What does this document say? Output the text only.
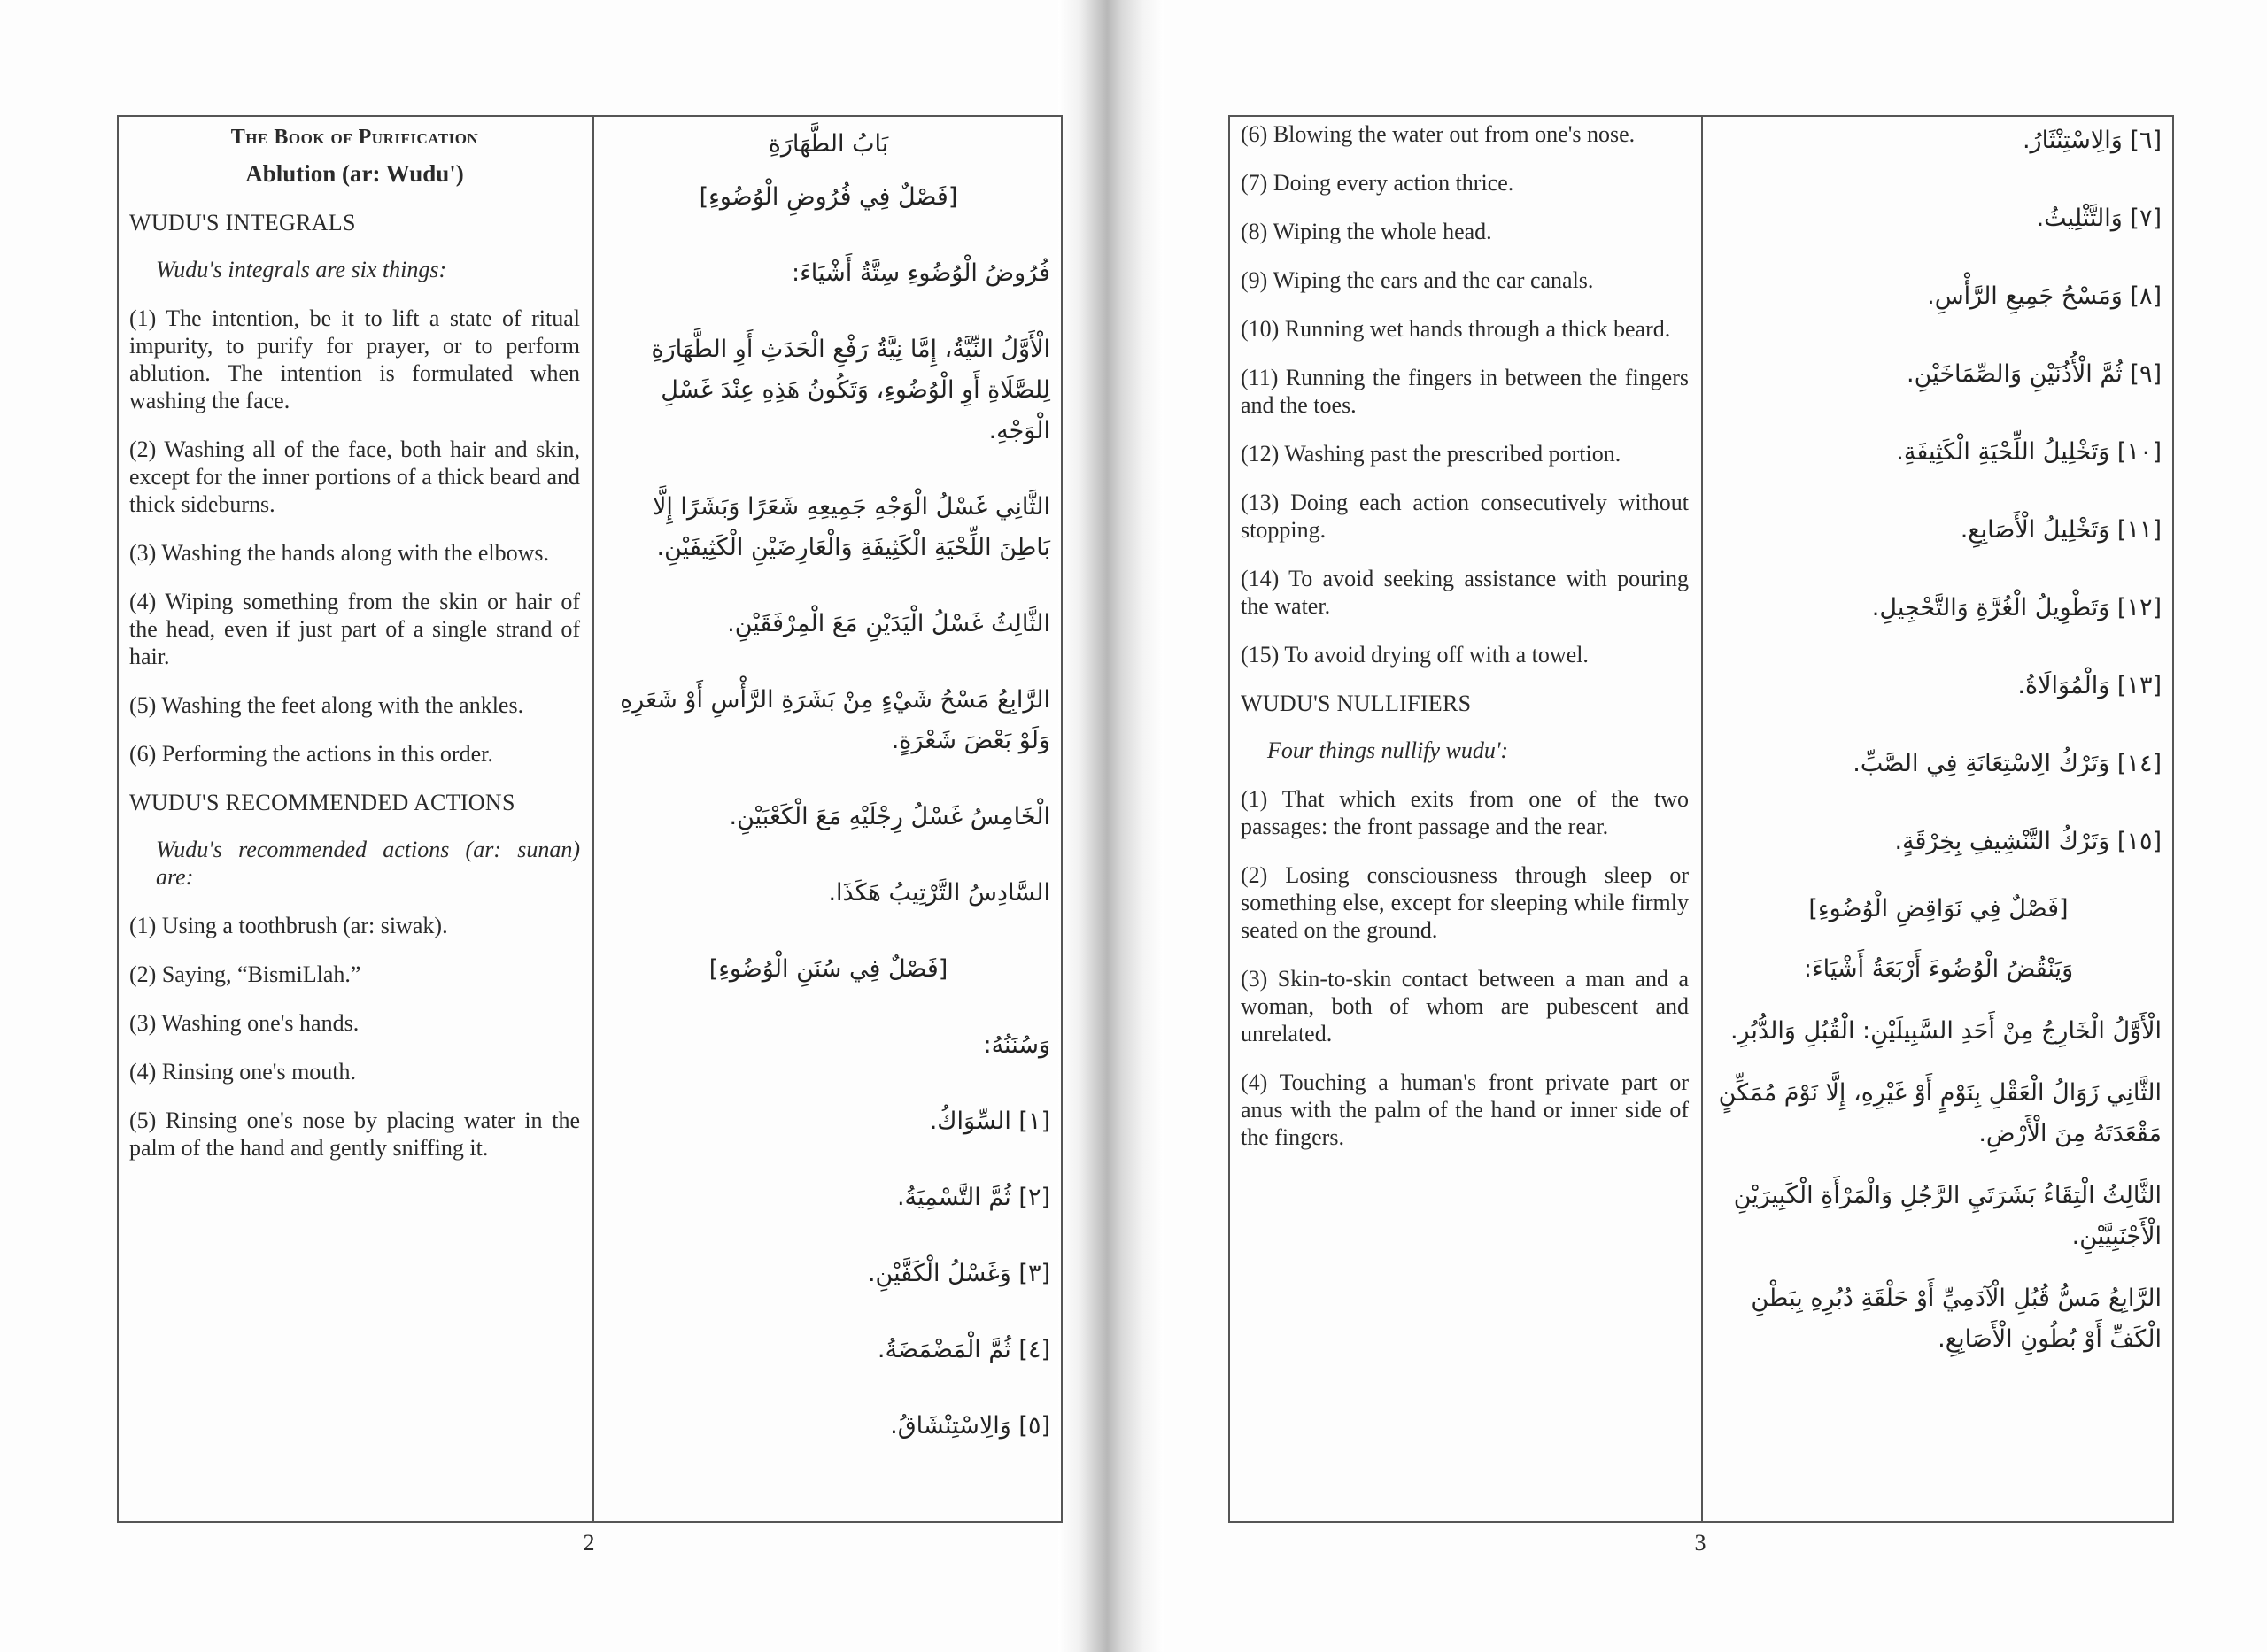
The Book of Purification

Ablution (ar: Wudu')

WUDU'S INTEGRALS

Wudu's integrals are six things:

(1) The intention, be it to lift a state of ritual impurity, to purify for prayer, or to perform ablution. The intention is formulated when washing the face.

(2) Washing all of the face, both hair and skin, except for the inner portions of a thick beard and thick sideburns.

(3) Washing the hands along with the elbows.

(4) Wiping something from the skin or hair of the head, even if just part of a single strand of hair.

(5) Washing the feet along with the ankles.

(6) Performing the actions in this order.

WUDU'S RECOMMENDED ACTIONS

Wudu's recommended actions (ar: sunan) are:

(1) Using a toothbrush (ar: siwak).

(2) Saying, “BismiLlah.”

(3) Washing one's hands.

(4) Rinsing one's mouth.

(5) Rinsing one's nose by placing water in the palm of the hand and gently sniffing it.

بَابُ الطَّهَارَةِ

[فَصْلٌ فِي فُرُوضِ الْوُضُوءِ]

فُرُوضُ الْوُضُوءِ سِتَّةُ أَشْيَاءَ:

الْأَوَّلُ النِّيَّةُ، إِمَّا نِيَّةُ رَفْعِ الْحَدَثِ أَوِ الطَّهَارَةِ لِلصَّلَاةِ أَوِ الْوُضُوءِ، وَتَكُونُ هَذِهِ عِنْدَ غَسْلِ الْوَجْهِ.

الثَّانِي غَسْلُ الْوَجْهِ جَمِيعِهِ شَعَرًا وَبَشَرًا إِلَّا بَاطِنَ اللِّحْيَةِ الْكَثِيفَةِ وَالْعَارِضَيْنِ الْكَثِيفَيْنِ.

الثَّالِثُ غَسْلُ الْيَدَيْنِ مَعَ الْمِرْفَقَيْنِ.

الرَّابِعُ مَسْحُ شَيْءٍ مِنْ بَشَرَةِ الرَّأْسِ أَوْ شَعَرِهِ وَلَوْ بَعْضَ شَعْرَةٍ.

الْخَامِسُ غَسْلُ رِجْلَيْهِ مَعَ الْكَعْبَيْنِ.

السَّادِسُ التَّرْتِيبُ هَكَذَا.

[فَصْلٌ فِي سُنَنِ الْوُضُوءِ]

وَسُنَنُهُ:

[١] السِّوَاكُ.

[٢] ثُمَّ التَّسْمِيَةُ.

[٣] وَغَسْلُ الْكَفَّيْنِ.

[٤] ثُمَّ الْمَضْمَضَةُ.

[٥] وَالِاسْتِنْشَاقُ.

2

(6) Blowing the water out from one's nose.

(7) Doing every action thrice.

(8) Wiping the whole head.

(9) Wiping the ears and the ear canals.

(10) Running wet hands through a thick beard.

(11) Running the fingers in between the fingers and the toes.

(12) Washing past the prescribed portion.

(13) Doing each action consecutively without stopping.

(14) To avoid seeking assistance with pouring the water.

(15) To avoid drying off with a towel.

WUDU'S NULLIFIERS

Four things nullify wudu':

(1) That which exits from one of the two passages: the front passage and the rear.

(2) Losing consciousness through sleep or something else, except for sleeping while firmly seated on the ground.

(3) Skin-to-skin contact between a man and a woman, both of whom are pubescent and unrelated.

(4) Touching a human's front private part or anus with the palm of the hand or inner side of the fingers.

[٦] وَالِاسْتِنْثَارُ.

[٧] وَالتَّثْلِيثُ.

[٨] وَمَسْحُ جَمِيعِ الرَّأْسِ.

[٩] ثُمَّ الْأُذُنَيْنِ وَالصِّمَاخَيْنِ.

[١٠] وَتَخْلِيلُ اللِّحْيَةِ الْكَثِيفَةِ.

[١١] وَتَخْلِيلُ الْأَصَابِعِ.

[١٢] وَتَطْوِيلُ الْغُرَّةِ وَالتَّحْجِيلِ.

[١٣] وَالْمُوَالَاةُ.

[١٤] وَتَرْكُ الِاسْتِعَانَةِ فِي الصَّبِّ.

[١٥] وَتَرْكُ التَّنْشِيفِ بِخِرْقَةٍ.

[فَصْلٌ فِي نَوَاقِضِ الْوُضُوءِ]

وَيَنْقُضُ الْوُضُوءَ أَرْبَعَةُ أَشْيَاءَ:

الْأَوَّلُ الْخَارِجُ مِنْ أَحَدِ السَّبِيلَيْنِ: الْقُبُلِ وَالدُّبُرِ.

الثَّانِي زَوَالُ الْعَقْلِ بِنَوْمٍ أَوْ غَيْرِهِ، إِلَّا نَوْمَ مُمَكِّنٍ مَقْعَدَتَهُ مِنَ الْأَرْضِ.

الثَّالِثُ الْتِقَاءُ بَشَرَتَيِ الرَّجُلِ وَالْمَرْأَةِ الْكَبِيرَيْنِ الْأَجْنَبِيَّيْنِ.

الرَّابِعُ مَسُّ قُبُلِ الْآدَمِيِّ أَوْ حَلْقَةِ دُبُرِهِ بِبَطْنِ الْكَفِّ أَوْ بُطُونِ الْأَصَابِعِ.

3
